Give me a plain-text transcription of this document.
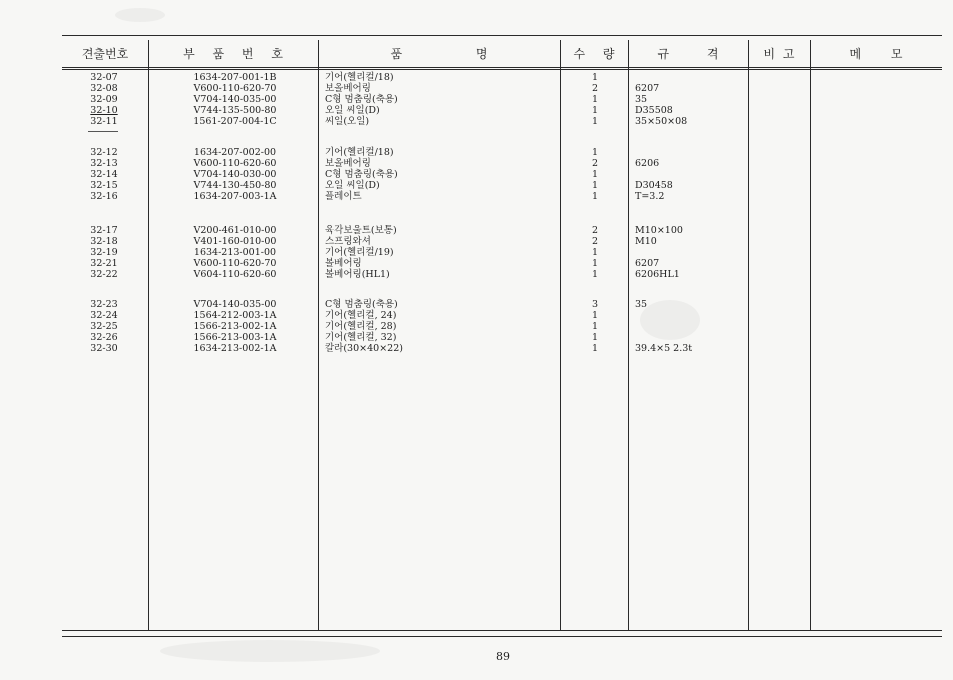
견출번호	부 품 번 호	품 명	수 량	규 격	비 고	메 모
32-07	1634-207-001-1B	기어(헬리컬/18)	1
32-08	V600-110-620-70	보올베어링	2	6207
32-09	V704-140-035-00	C형 멈춤링(축용)	1	35
32-10	V744-135-500-80	오일 씨일(D)	1	D35508
32-11	1561-207-004-1C	씨일(오일)	1	35×50×08
32-12	1634-207-002-00	기어(헬리컬/18)	1
32-13	V600-110-620-60	보올베어링	2	6206
32-14	V704-140-030-00	C형 멈춤링(축용)	1
32-15	V744-130-450-80	오일 씨일(D)	1	D30458
32-16	1634-207-003-1A	플레이트	1	T=3.2
32-17	V200-461-010-00	육각보울트(보통)	2	M10×100
32-18	V401-160-010-00	스프링와셔	2	M10
32-19	1634-213-001-00	기어(헬리컬/19)	1
32-21	V600-110-620-70	볼베어링	1	6207
32-22	V604-110-620-60	볼베어링(HL1)	1	6206HL1
32-23	V704-140-035-00	C형 멈춤링(축용)	3	35
32-24	1564-212-003-1A	기어(헬리컬, 24)	1
32-25	1566-213-002-1A	기어(헬리컬, 28)	1
32-26	1566-213-003-1A	기어(헬리컬, 32)	1
32-30	1634-213-002-1A	칼라(30×40×22)	1	39.4×5 2.3t
89
